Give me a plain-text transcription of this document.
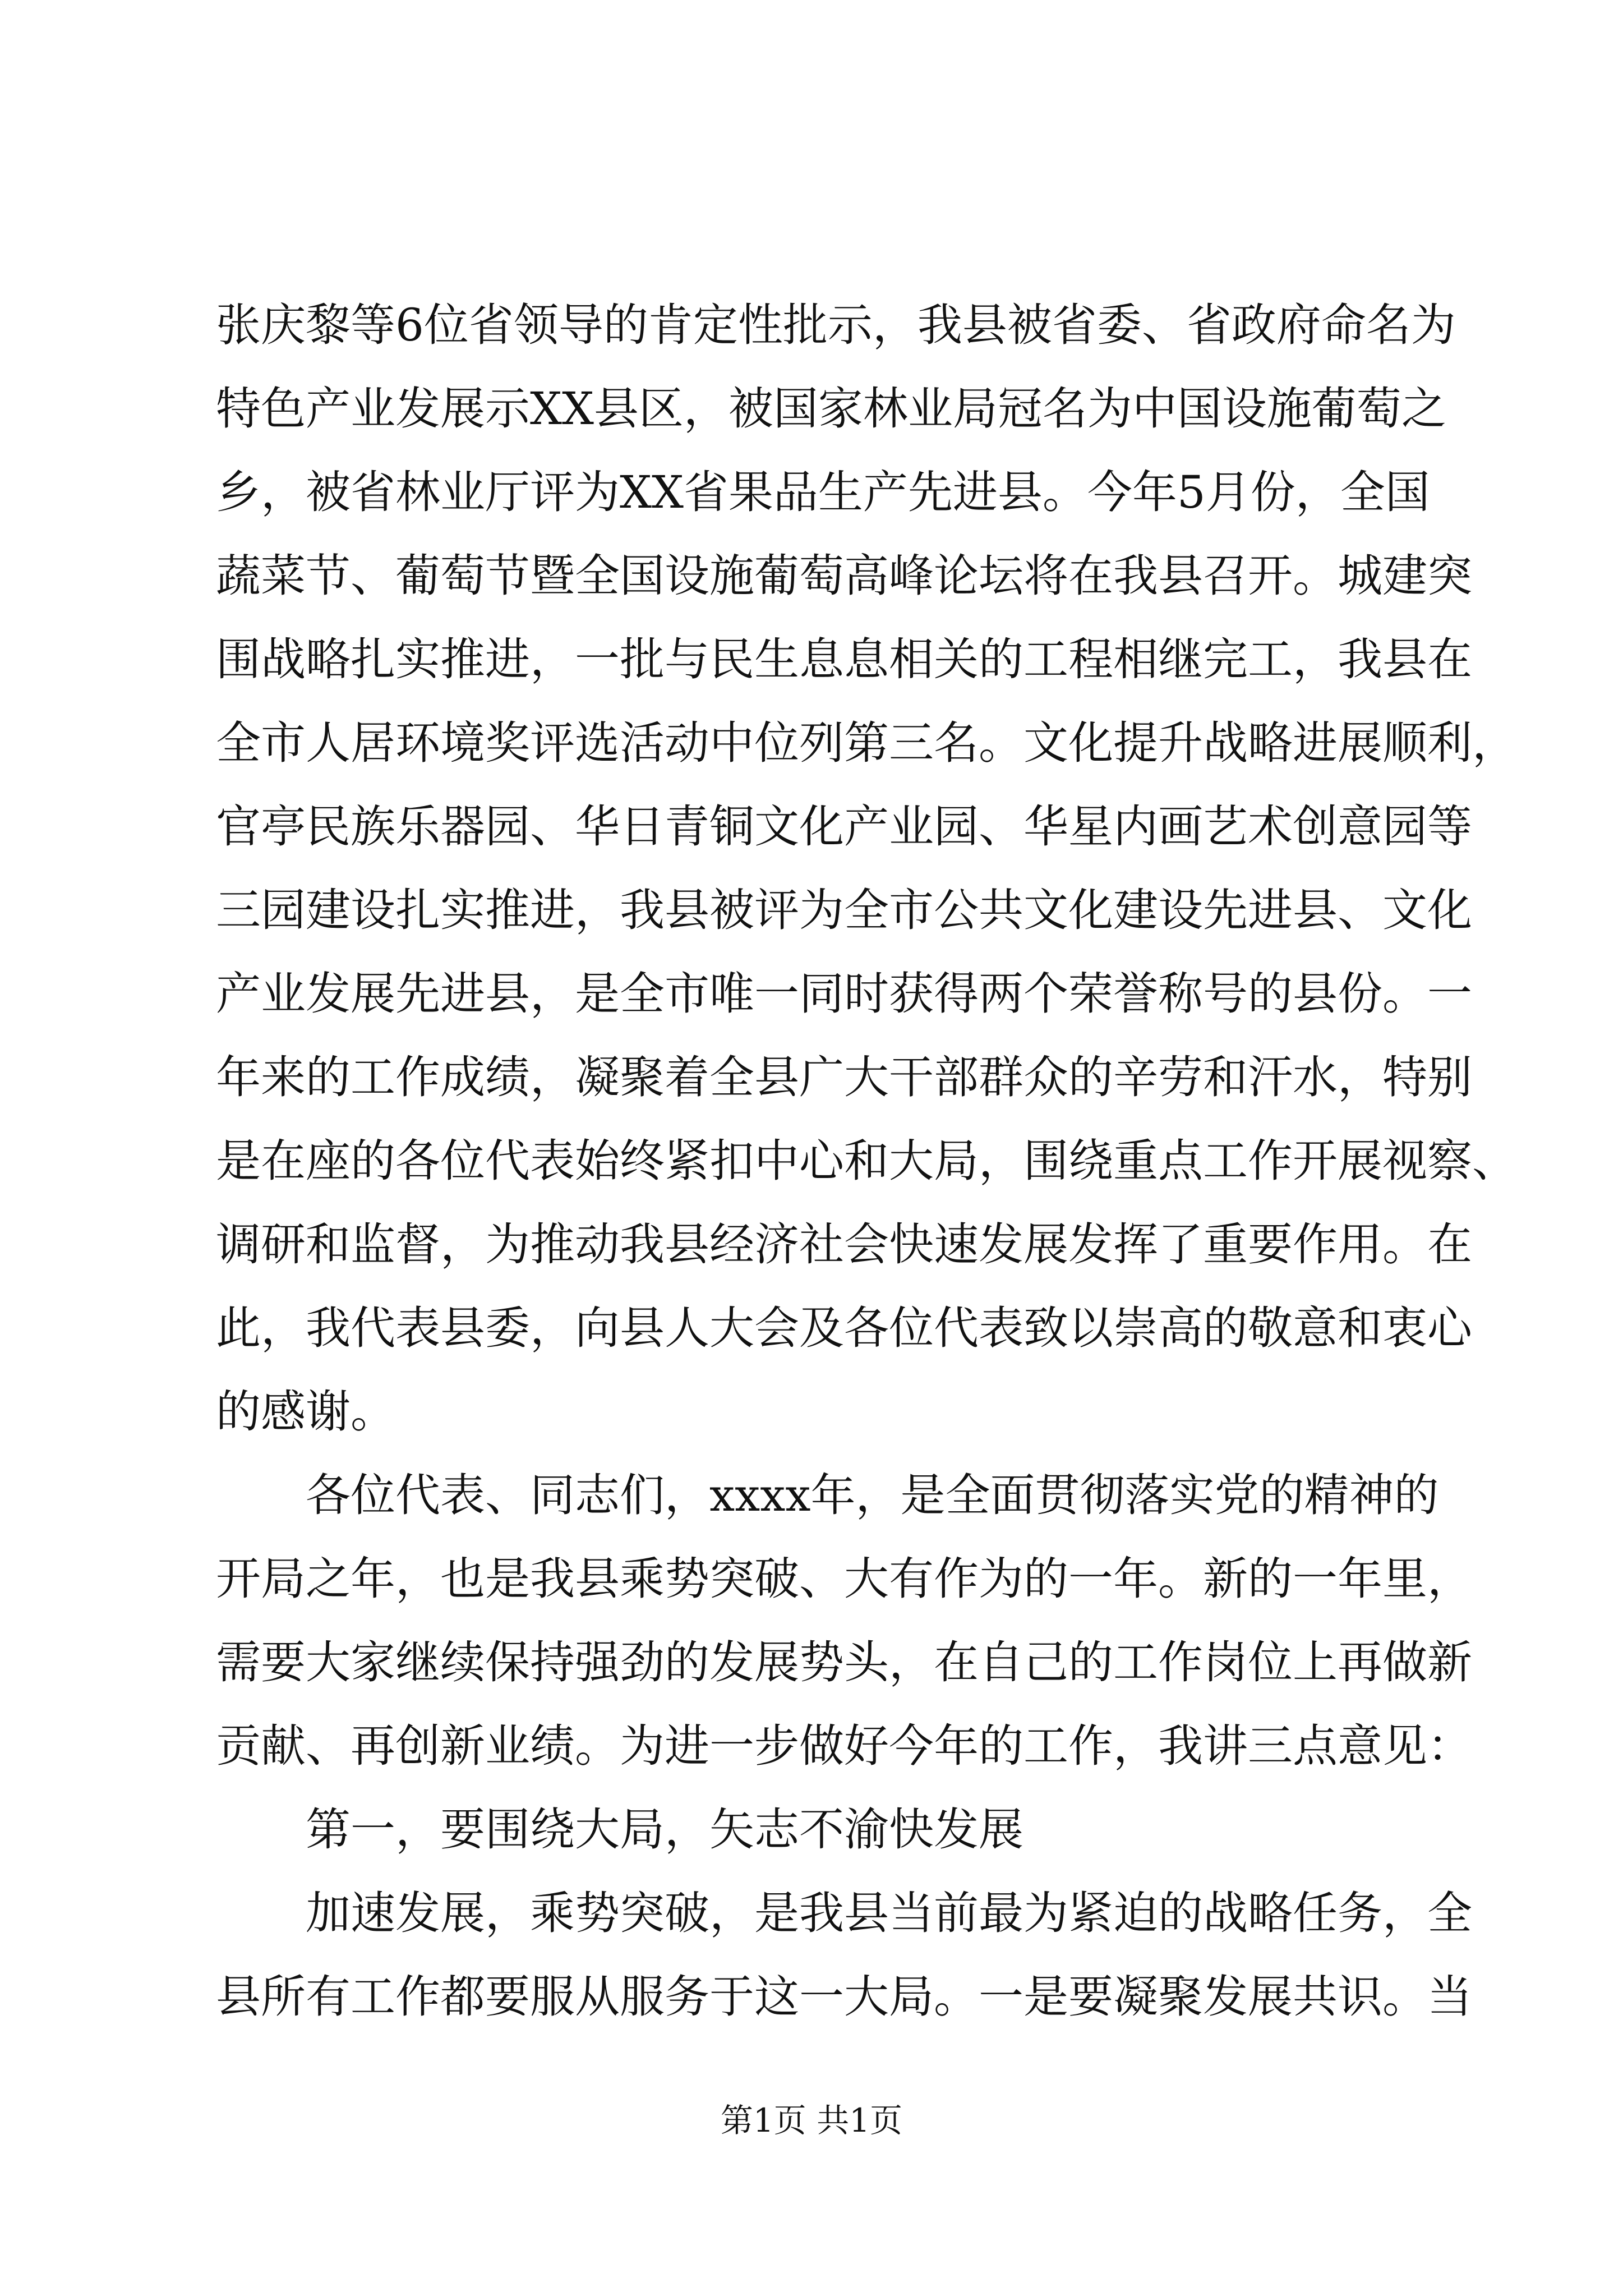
张庆黎等6位省领导的肯定性批示，我县被省委、省政府命名为
特色产业发展示XX县区，被国家林业局冠名为中国设施葡萄之
乡，被省林业厅评为XX省果品生产先进县。今年5月份，全国
蔬菜节、葡萄节暨全国设施葡萄高峰论坛将在我县召开。城建突
围战略扎实推进，一批与民生息息相关的工程相继完工，我县在
全市人居环境奖评选活动中位列第三名。文化提升战略进展顺利，
官亭民族乐器园、华日青铜文化产业园、华星内画艺术创意园等
三园建设扎实推进，我县被评为全市公共文化建设先进县、文化
产业发展先进县，是全市唯一同时获得两个荣誉称号的县份。一
年来的工作成绩，凝聚着全县广大干部群众的辛劳和汗水，特别
是在座的各位代表始终紧扣中心和大局，围绕重点工作开展视察、
调研和监督，为推动我县经济社会快速发展发挥了重要作用。在
此，我代表县委，向县人大会及各位代表致以崇高的敬意和衷心
的感谢。
各位代表、同志们，xxxx年，是全面贯彻落实党的精神的
开局之年，也是我县乘势突破、大有作为的一年。新的一年里，
需要大家继续保持强劲的发展势头，在自己的工作岗位上再做新
贡献、再创新业绩。为进一步做好今年的工作，我讲三点意见：
第一，要围绕大局，矢志不渝快发展
加速发展，乘势突破，是我县当前最为紧迫的战略任务，全
县所有工作都要服从服务于这一大局。一是要凝聚发展共识。当
第1页 共1页
